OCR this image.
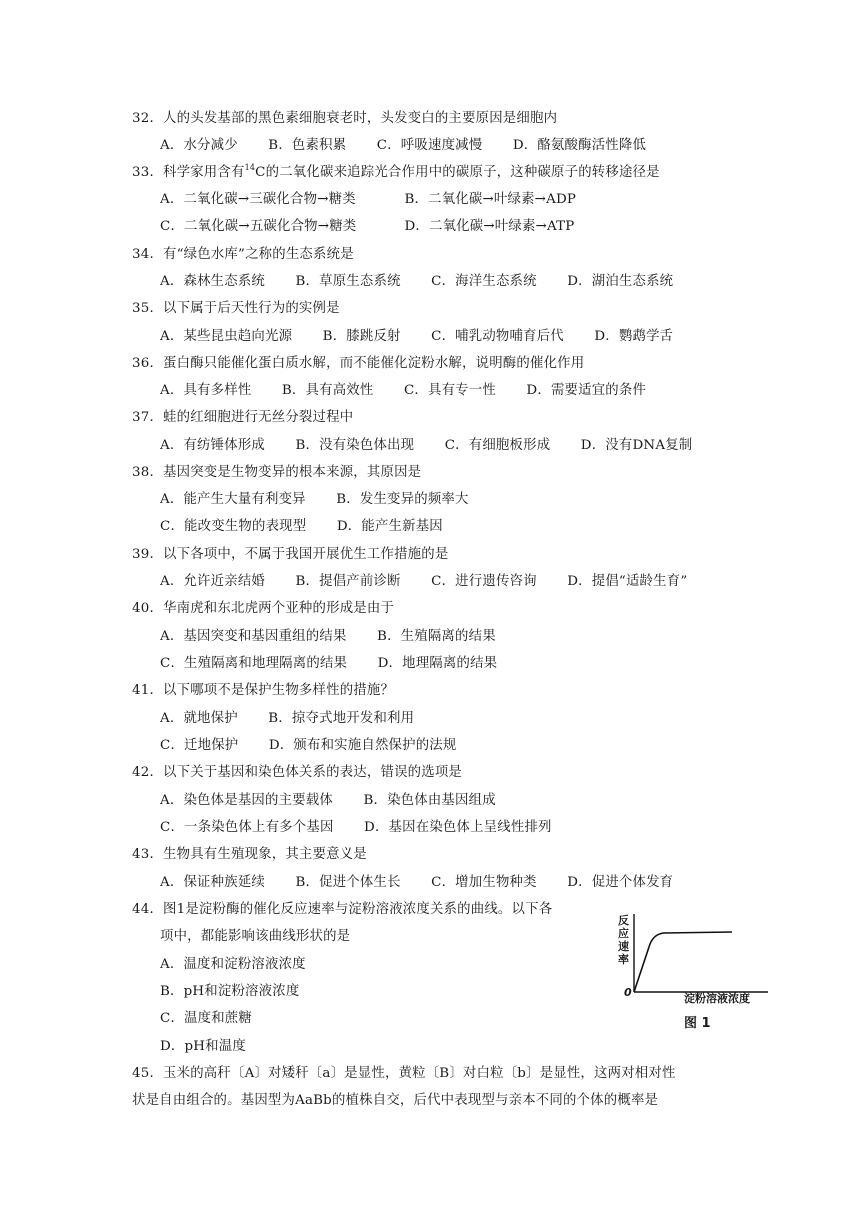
32．人的头发基部的黑色素细胞衰老时，头发变白的主要原因是细胞内
A．水分减少 B．色素积累 C．呼吸速度减慢 D．酪氨酸酶活性降低
33．科学家用含有$^{14}$C的二氧化碳来追踪光合作用中的碳原子，这种碳原子的转移途径是
A．二氧化碳→三碳化合物→糖类	B．二氧化碳→叶绿素→ADP
C．二氧化碳→五碳化合物→糖类	D．二氧化碳→叶绿素→ATP
34．有“绿色水库”之称的生态系统是
A．森林生态系统 B．草原生态系统 C．海洋生态系统 D．湖泊生态系统
35．以下属于后天性行为的实例是
A．某些昆虫趋向光源 B．膝跳反射 C．哺乳动物哺育后代 D．鹦鹉学舌
36．蛋白酶只能催化蛋白质水解，而不能催化淀粉水解，说明酶的催化作用
A．具有多样性 B．具有高效性 C．具有专一性 D．需要适宜的条件
37．蛙的红细胞进行无丝分裂过程中
A．有纺锤体形成 B．没有染色体出现 C．有细胞板形成 D．没有DNA复制
38．基因突变是生物变异的根本来源，其原因是
A．能产生大量有利变异 B．发生变异的频率大
C．能改变生物的表现型 D．能产生新基因
39．以下各项中，不属于我国开展优生工作措施的是
A．允许近亲结婚 B．提倡产前诊断 C．进行遗传咨询 D．提倡“适龄生育”
40．华南虎和东北虎两个亚种的形成是由于
A．基因突变和基因重组的结果 B．生殖隔离的结果
C．生殖隔离和地理隔离的结果 D．地理隔离的结果
41．以下哪项不是保护生物多样性的措施？
A．就地保护 B．掠夺式地开发和利用
C．迁地保护 D．颁布和实施自然保护的法规
42．以下关于基因和染色体关系的表达，错误的选项是
A．染色体是基因的主要载体 B．染色体由基因组成
C．一条染色体上有多个基因 D．基因在染色体上呈线性排列
43．生物具有生殖现象，其主要意义是
A．保证种族延续 B．促进个体生长 C．增加生物种类 D．促进个体发育
44．图1是淀粉酶的催化反应速率与淀粉溶液浓度关系的曲线。以下各
项中，都能影响该曲线形状的是
A．温度和淀粉溶液浓度
B．pH和淀粉溶液浓度
C．温度和蔗糖
D．pH和温度
反
应
速
率
0	淀粉溶液浓度
图 1
45．玉米的高秆〔A〕对矮秆〔a〕是显性，黄粒〔B〕对白粒〔b〕是显性，这两对相对性
状是自由组合的。基因型为AaBb的植株自交，后代中表现型与亲本不同的个体的概率是
